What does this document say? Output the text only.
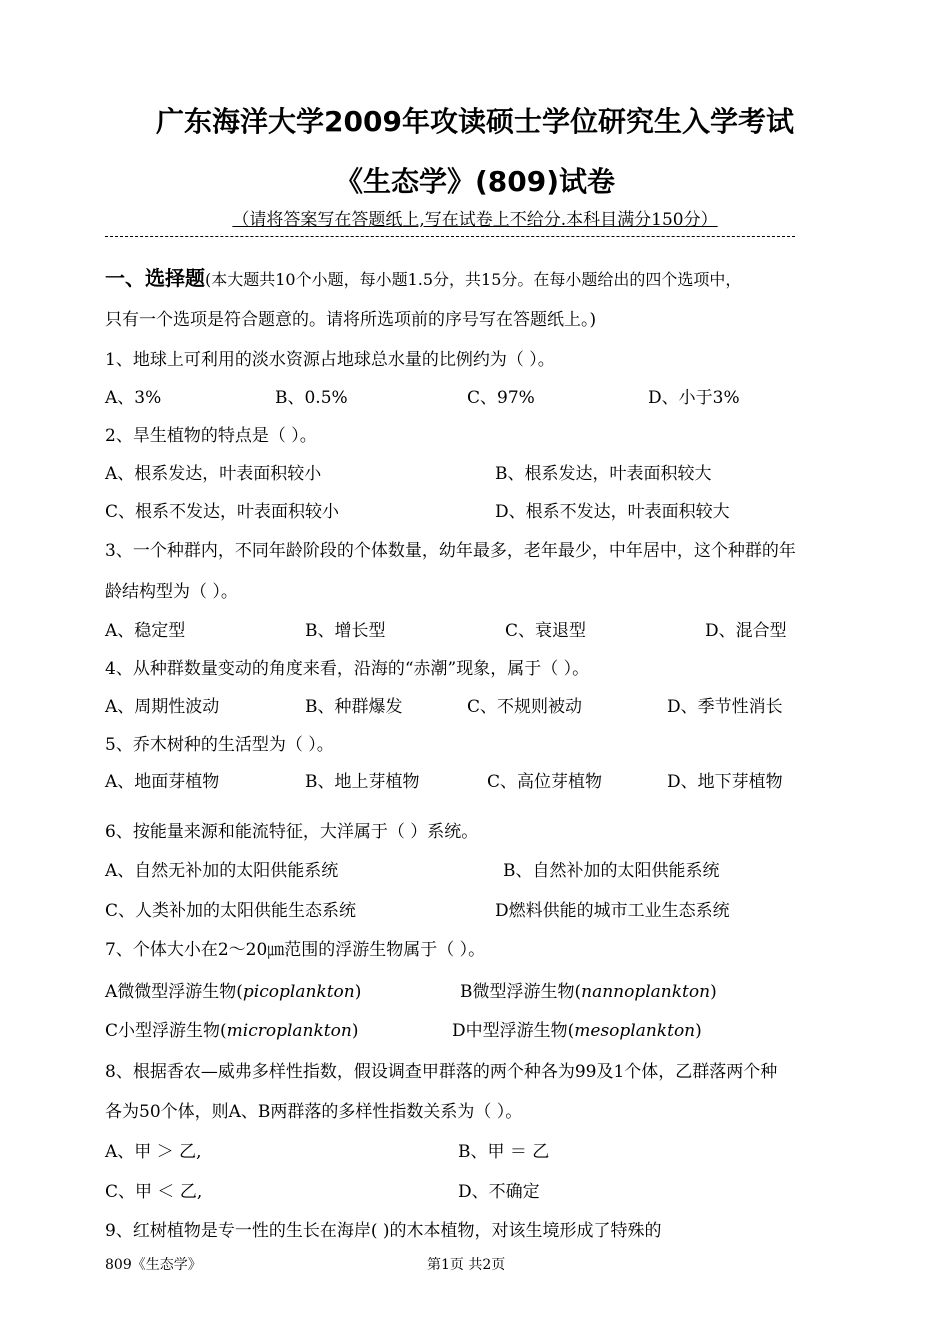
广东海洋大学2009年攻读硕士学位研究生入学考试
《生态学》(809)试卷
（请将答案写在答题纸上,写在试卷上不给分.本科目满分150分）
一、选择题(本大题共10个小题，每小题1.5分，共15分。在每小题给出的四个选项中，
只有一个选项是符合题意的。请将所选项前的序号写在答题纸上。)
1、地球上可利用的淡水资源占地球总水量的比例约为（ ）。
A、3%	B、0.5%	C、97%	D、小于3%
2、旱生植物的特点是（ ）。
A、根系发达，叶表面积较小	B、根系发达，叶表面积较大
C、根系不发达，叶表面积较小	D、根系不发达，叶表面积较大
3、一个种群内，不同年龄阶段的个体数量，幼年最多，老年最少，中年居中，这个种群的年
龄结构型为（ ）。
A、稳定型	B、增长型	C、衰退型	D、混合型
4、从种群数量变动的角度来看，沿海的“赤潮”现象，属于（ ）。
A、周期性波动	B、种群爆发	C、不规则被动	D、季节性消长
5、乔木树种的生活型为（ ）。
A、地面芽植物	B、地上芽植物	C、高位芽植物	D、地下芽植物
6、按能量来源和能流特征，大洋属于（ ）系统。
A、自然无补加的太阳供能系统	B、自然补加的太阳供能系统
C、人类补加的太阳供能生态系统	D燃料供能的城市工业生态系统
7、个体大小在2～20㎛范围的浮游生物属于（ ）。
A微微型浮游生物(picoplankton)	B微型浮游生物(nannoplankton)
C小型浮游生物(microplankton)	D中型浮游生物(mesoplankton)
8、根据香农—威弗多样性指数，假设调查甲群落的两个种各为99及1个体，乙群落两个种
各为50个体，则A、B两群落的多样性指数关系为（ ）。
A、甲 ＞ 乙,	B、甲 ＝ 乙
C、甲 ＜ 乙,	D、不确定
9、红树植物是专一性的生长在海岸( )的木本植物，对该生境形成了特殊的
809《生态学》	第1页 共2页
